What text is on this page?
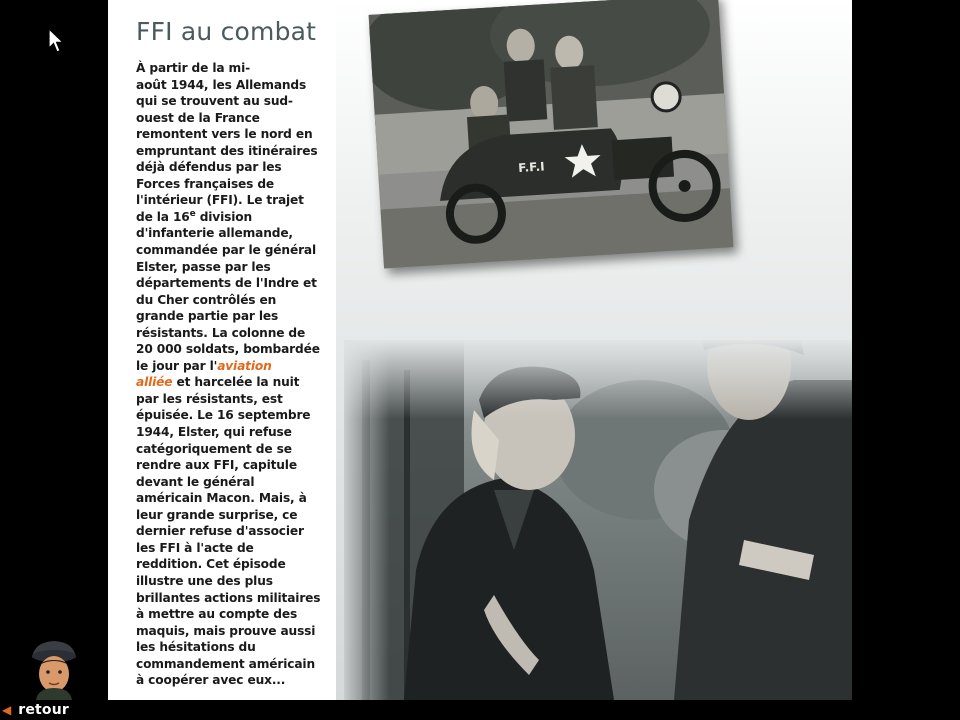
F.F.I
FFI au combat
À partir de la mi-
août 1944, les Allemands
qui se trouvent au sud-
ouest de la France
remontent vers le nord en
empruntant des itinéraires
déjà défendus par les
Forces françaises de
l'intérieur (FFI). Le trajet
de la 16e division
d'infanterie allemande,
commandée par le général
Elster, passe par les
départements de l'Indre et
du Cher contrôlés en
grande partie par les
résistants. La colonne de
20 000 soldats, bombardée
le jour par l'aviation
alliée et harcelée la nuit
par les résistants, est
épuisée. Le 16 septembre
1944, Elster, qui refuse
catégoriquement de se
rendre aux FFI, capitule
devant le général
américain Macon. Mais, à
leur grande surprise, ce
dernier refuse d'associer
les FFI à l'acte de
reddition. Cet épisode
illustre une des plus
brillantes actions militaires
à mettre au compte des
maquis, mais prouve aussi
les hésitations du
commandement américain
à coopérer avec eux...
◀ retour
